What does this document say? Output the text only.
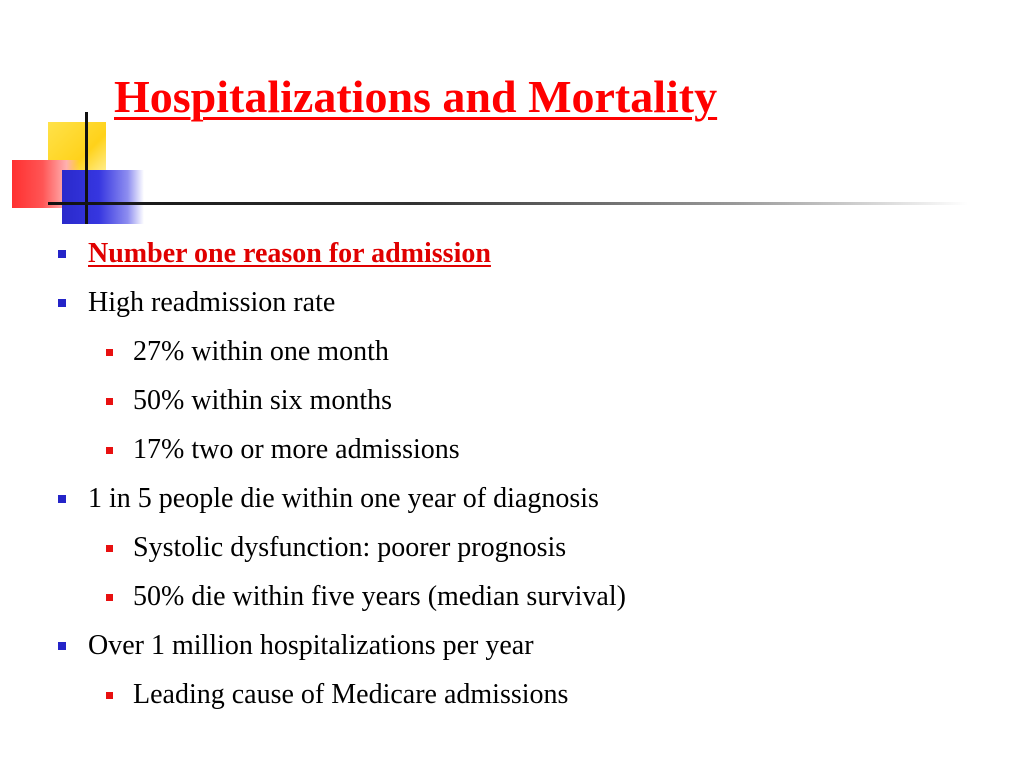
Hospitalizations and Mortality
Number one reason for admission
High readmission rate
27% within one month
50% within six months
17% two or more admissions
1 in 5 people die within one year of diagnosis
Systolic dysfunction: poorer prognosis
50% die within five years (median survival)
Over 1 million hospitalizations per year
Leading cause of Medicare admissions
